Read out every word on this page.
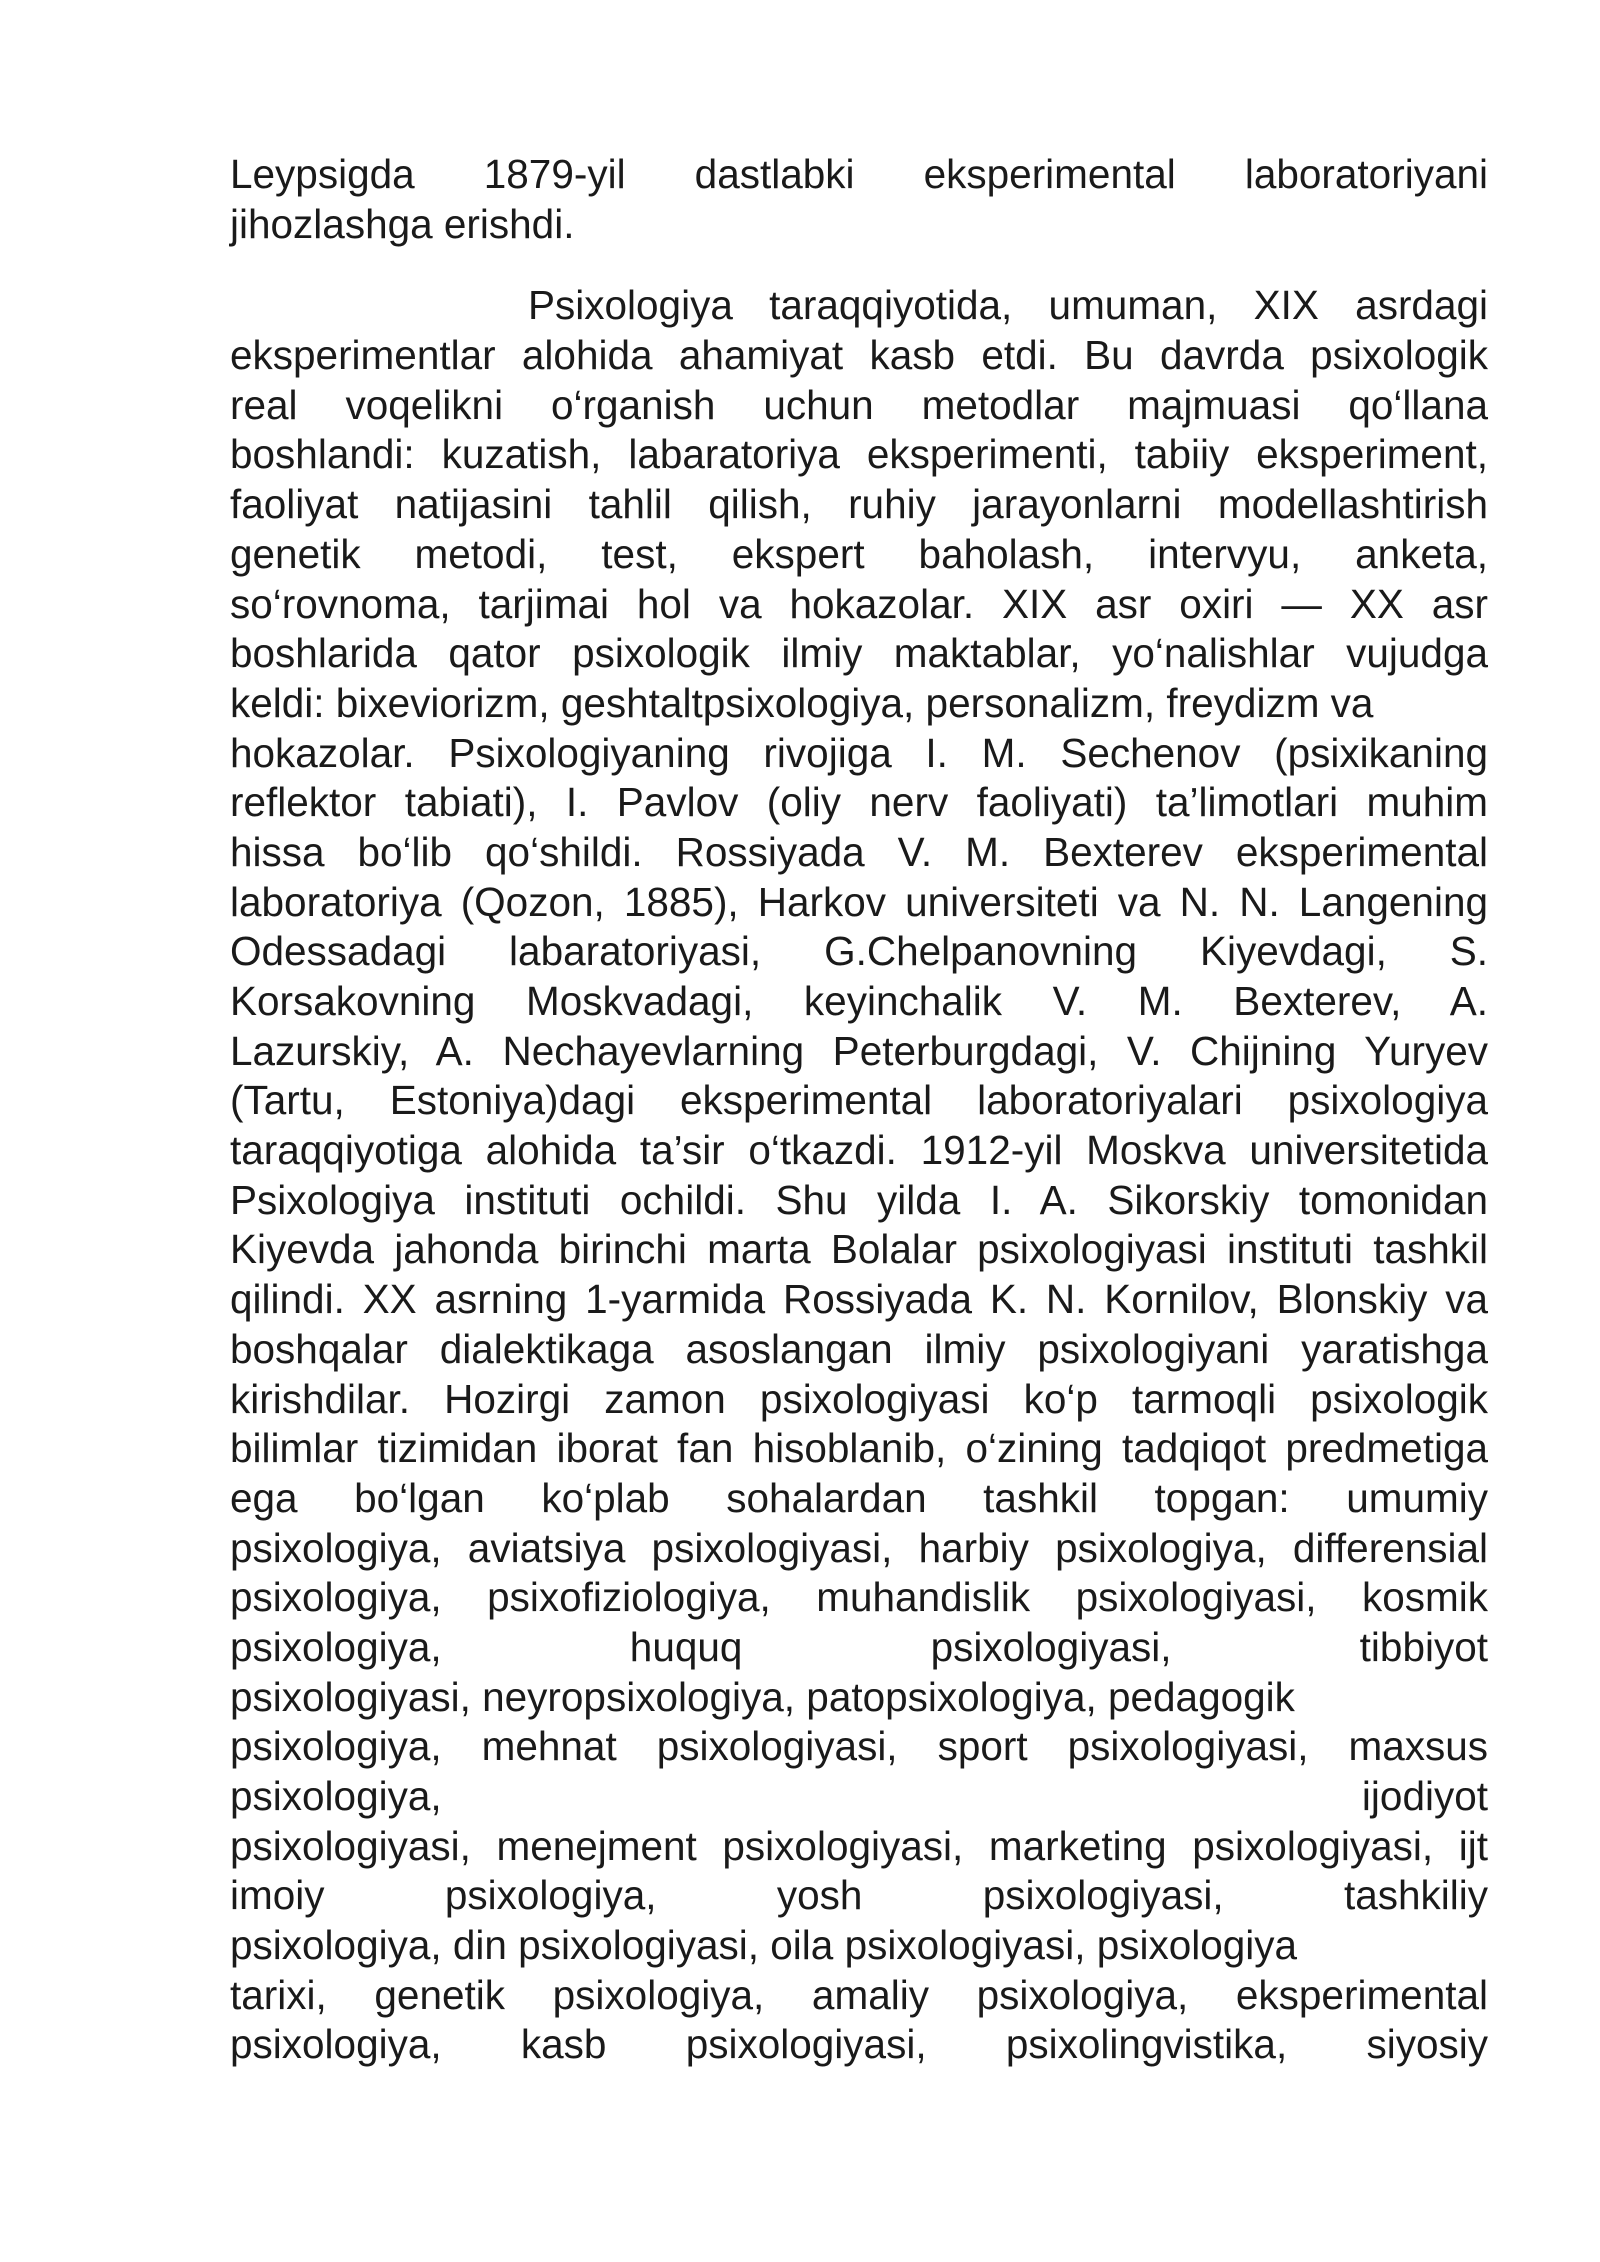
Leypsigda 1879-yil dastlabki eksperimental laboratoriyani
jihozlashga erishdi.
Psixologiya taraqqiyotida, umuman, XIX asrdagi
eksperimentlar alohida ahamiyat kasb etdi. Bu davrda psixologik
real voqelikni o‘rganish uchun metodlar majmuasi qo‘llana
boshlandi: kuzatish, labaratoriya eksperimenti, tabiiy eksperiment,
faoliyat natijasini tahlil qilish, ruhiy jarayonlarni modellashtirish
genetik metodi, test, ekspert baholash, intervyu, anketa,
so‘rovnoma, tarjimai hol va hokazolar. XIX asr oxiri — XX asr
boshlarida qator psixologik ilmiy maktablar, yo‘nalishlar vujudga
keldi: bixeviorizm, geshtaltpsixologiya, personalizm, freydizm va
hokazolar. Psixologiyaning rivojiga I. M. Sechenov (psixikaning
reflektor tabiati), I. Pavlov (oliy nerv faoliyati) ta’limotlari muhim
hissa bo‘lib qo‘shildi. Rossiyada V. M. Bexterev eksperimental
laboratoriya (Qozon, 1885), Harkov universiteti va N. N. Langening
Odessadagi labaratoriyasi, G.Chelpanovning Kiyevdagi, S.
Korsakovning Moskvadagi, keyinchalik V. M. Bexterev, A.
Lazurskiy, A. Nechayevlarning Peterburgdagi, V. Chijning Yuryev
(Tartu, Estoniya)dagi eksperimental laboratoriyalari psixologiya
taraqqiyotiga alohida ta’sir o‘tkazdi. 1912-yil Moskva universitetida
Psixologiya instituti ochildi. Shu yilda I. A. Sikorskiy tomonidan
Kiyevda jahonda birinchi marta Bolalar psixologiyasi instituti tashkil
qilindi. XX asrning 1-yarmida Rossiyada K. N. Kornilov, Blonskiy va
boshqalar dialektikaga asoslangan ilmiy psixologiyani yaratishga
kirishdilar. Hozirgi zamon psixologiyasi ko‘p tarmoqli psixologik
bilimlar tizimidan iborat fan hisoblanib, o‘zining tadqiqot predmetiga
ega bo‘lgan ko‘plab sohalardan tashkil topgan: umumiy
psixologiya, aviatsiya psixologiyasi, harbiy psixologiya, differensial
psixologiya, psixofiziologiya, muhandislik psixologiyasi, kosmik
psixologiya, huquq psixologiyasi, tibbiyot
psixologiyasi, neyropsixologiya, patopsixologiya, pedagogik
psixologiya, mehnat psixologiyasi, sport psixologiyasi, maxsus
psixologiya, ijodiyot
psixologiyasi, menejment psixologiyasi, marketing psixologiyasi, ijt
imoiy psixologiya, yosh psixologiyasi, tashkiliy
psixologiya, din psixologiyasi, oila psixologiyasi, psixologiya
tarixi, genetik psixologiya, amaliy psixologiya, eksperimental
psixologiya, kasb psixologiyasi, psixolingvistika, siyosiy
